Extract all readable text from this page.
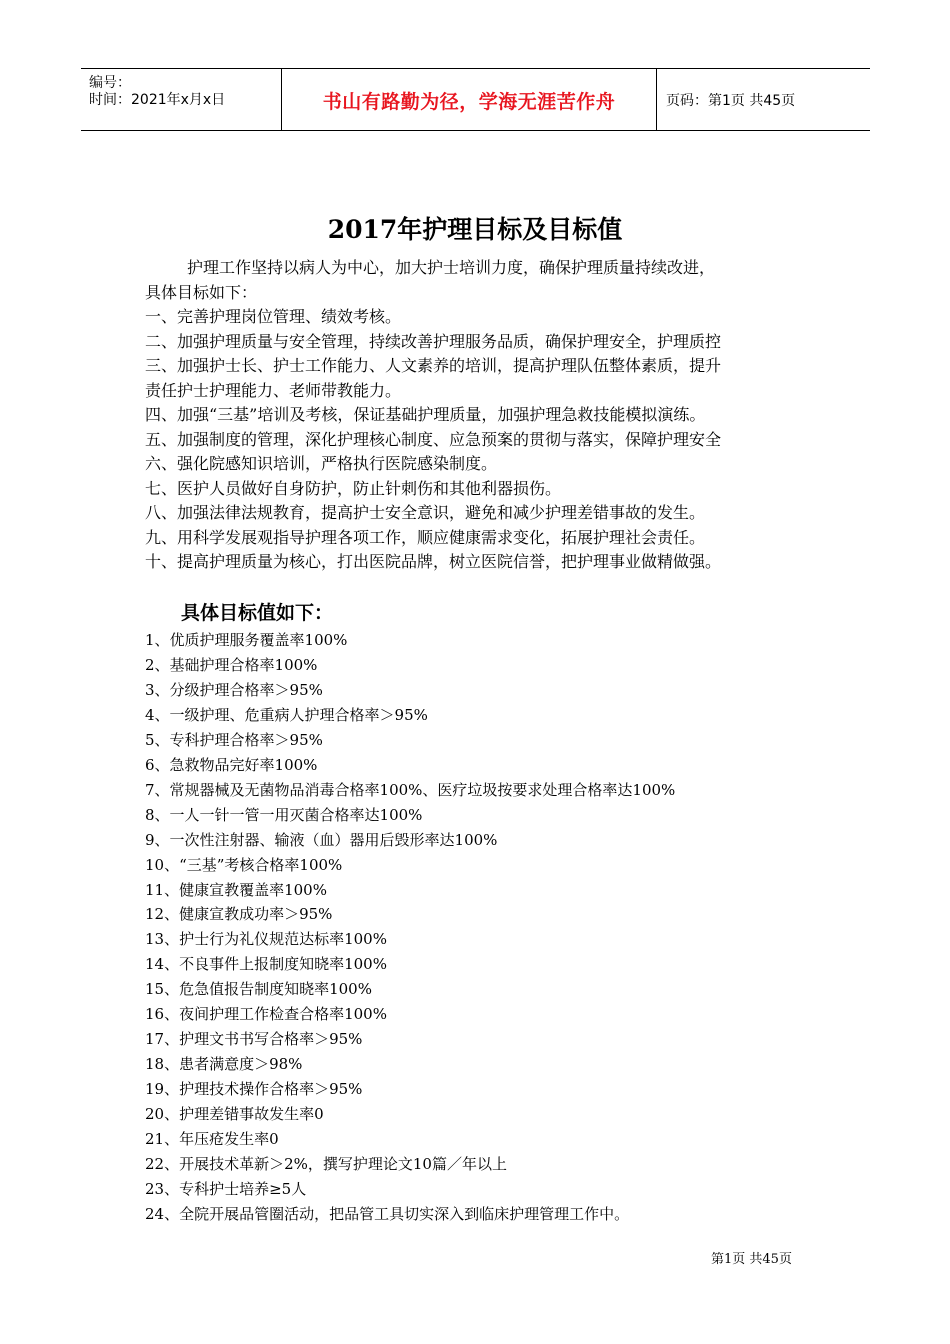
编号：
时间：2021年x月x日	书山有路勤为径，学海无涯苦作舟	页码：第1页 共45页
2017年护理目标及目标值
护理工作坚持以病人为中心，加大护士培训力度，确保护理质量持续改进，
具体目标如下：
一、完善护理岗位管理、绩效考核。
二、加强护理质量与安全管理，持续改善护理服务品质，确保护理安全，护理质控
三、加强护士长、护士工作能力、人文素养的培训，提高护理队伍整体素质，提升
责任护士护理能力、老师带教能力。
四、加强“三基”培训及考核，保证基础护理质量，加强护理急救技能模拟演练。
五、加强制度的管理，深化护理核心制度、应急预案的贯彻与落实，保障护理安全
六、强化院感知识培训，严格执行医院感染制度。
七、医护人员做好自身防护，防止针刺伤和其他利器损伤。
八、加强法律法规教育，提高护士安全意识，避免和减少护理差错事故的发生。
九、用科学发展观指导护理各项工作，顺应健康需求变化，拓展护理社会责任。
十、提高护理质量为核心，打出医院品牌，树立医院信誉，把护理事业做精做强。
具体目标值如下：
1、优质护理服务覆盖率100%
2、基础护理合格率100%
3、分级护理合格率＞95%
4、一级护理、危重病人护理合格率＞95%
5、专科护理合格率＞95%
6、急救物品完好率100%
7、常规器械及无菌物品消毒合格率100%、医疗垃圾按要求处理合格率达100%
8、一人一针一管一用灭菌合格率达100%
9、一次性注射器、输液（血）器用后毁形率达100%
10、“三基”考核合格率100%
11、健康宣教覆盖率100%
12、健康宣教成功率＞95%
13、护士行为礼仪规范达标率100%
14、不良事件上报制度知晓率100%
15、危急值报告制度知晓率100%
16、夜间护理工作检查合格率100%
17、护理文书书写合格率＞95%
18、患者满意度＞98%
19、护理技术操作合格率＞95%
20、护理差错事故发生率0
21、年压疮发生率0
22、开展技术革新＞2%，撰写护理论文10篇／年以上
23、专科护士培养≥5人
24、全院开展品管圈活动，把品管工具切实深入到临床护理管理工作中。
第1页 共45页
